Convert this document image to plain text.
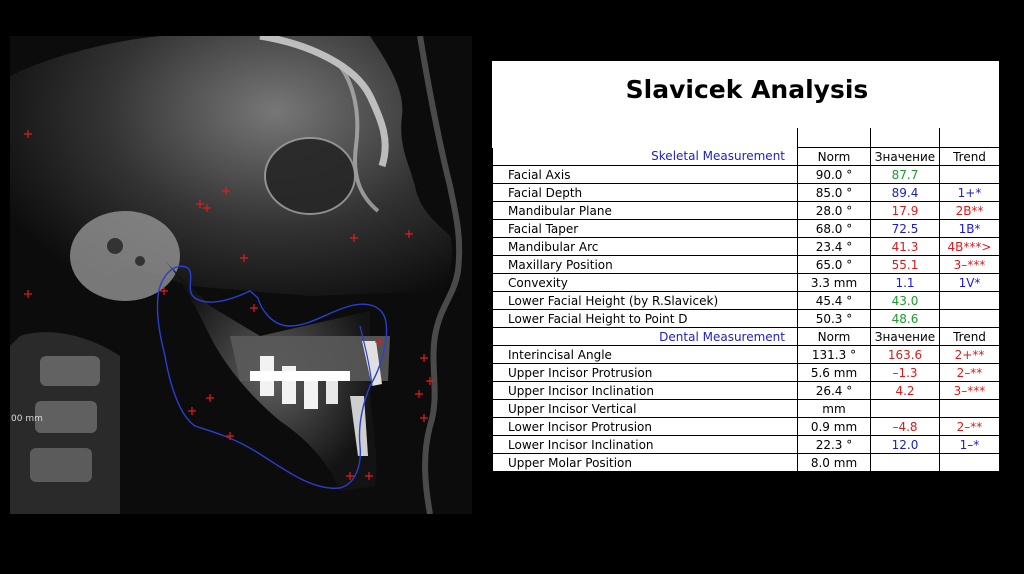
00 mm
Slavicek Analysis

Skeletal Measurement	Norm	Значение	Trend
Facial Axis	90.0 °	87.7	
Facial Depth	85.0 °	89.4	1+*
Mandibular Plane	28.0 °	17.9	2B**
Facial Taper	68.0 °	72.5	1B*
Mandibular Arc	23.4 °	41.3	4B***>
Maxillary Position	65.0 °	55.1	3–***
Convexity	3.3 mm	1.1	1V*
Lower Facial Height (by R.Slavicek)	45.4 °	43.0	
Lower Facial Height to Point D	50.3 °	48.6	
Dental Measurement	Norm	Значение	Trend
Interincisal Angle	131.3 °	163.6	2+**
Upper Incisor Protrusion	5.6 mm	–1.3	2–**
Upper Incisor Inclination	26.4 °	4.2	3–***
Upper Incisor Vertical	mm		
Lower Incisor Protrusion	0.9 mm	–4.8	2–**
Lower Incisor Inclination	22.3 °	12.0	1–*
Upper Molar Position	8.0 mm		
